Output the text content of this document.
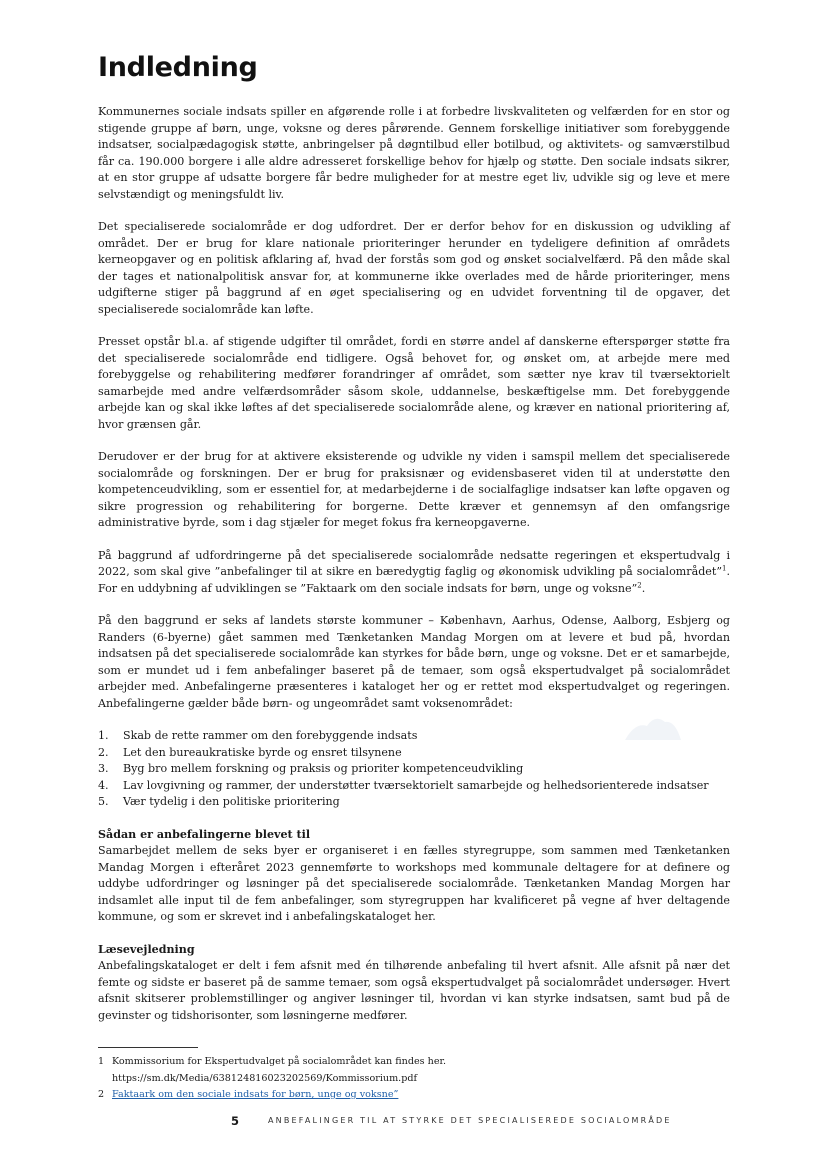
Indledning

Kommunernes sociale indsats spiller en afgørende rolle i at forbedre livskvaliteten og velfærden for en stor og stigende gruppe af børn, unge, voksne og deres pårørende. Gennem forskellige initiativer som forebyggende indsatser, socialpædagogisk støtte, anbringelser på døgntilbud eller botilbud, og aktivitets- og samværstilbud får ca. 190.000 borgere i alle aldre adresseret forskellige behov for hjælp og støtte. Den sociale indsats sikrer, at en stor gruppe af udsatte borgere får bedre muligheder for at mestre eget liv, udvikle sig og leve et mere selvstændigt og meningsfuldt liv.

Det specialiserede socialområde er dog udfordret. Der er derfor behov for en diskussion og udvikling af området. Der er brug for klare nationale prioriteringer herunder en tydeligere definition af områdets kerneopgaver og en politisk afklaring af, hvad der forstås som god og ønsket socialvelfærd. På den måde skal der tages et nationalpolitisk ansvar for, at kommunerne ikke overlades med de hårde prioriteringer, mens udgifterne stiger på baggrund af en øget specialisering og en udvidet forventning til de opgaver, det specialiserede socialområde kan løfte.

Presset opstår bl.a. af stigende udgifter til området, fordi en større andel af danskerne efterspørger støtte fra det specialiserede socialområde end tidligere. Også behovet for, og ønsket om, at arbejde mere med forebyggelse og rehabilitering medfører forandringer af området, som sætter nye krav til tværsektorielt samarbejde med andre velfærdsområder såsom skole, uddannelse, beskæftigelse mm. Det forebyggende arbejde kan og skal ikke løftes af det specialiserede socialområde alene, og kræver en national prioritering af, hvor grænsen går.

Derudover er der brug for at aktivere eksisterende og udvikle ny viden i samspil mellem det specialiserede socialområde og forskningen. Der er brug for praksisnær og evidensbaseret viden til at understøtte den kompetenceudvikling, som er essentiel for, at medarbejderne i de socialfaglige indsatser kan løfte opgaven og sikre progression og rehabilitering for borgerne. Dette kræver et gennemsyn af den omfangsrige administrative byrde, som i dag stjæler for meget fokus fra kerneopgaverne.

På baggrund af udfordringerne på det specialiserede socialområde nedsatte regeringen et ekspertudvalg i 2022, som skal give ”anbefalinger til at sikre en bæredygtig faglig og økonomisk udvikling på socialområdet”$^1$. For en uddybning af udviklingen se ”Faktaark om den sociale indsats for børn, unge og voksne”$^2$.

På den baggrund er seks af landets største kommuner – København, Aarhus, Odense, Aalborg, Esbjerg og Randers (6-byerne) gået sammen med Tænketanken Mandag Morgen om at levere et bud på, hvordan indsatsen på det specialiserede socialområde kan styrkes for både børn, unge og voksne. Det er et samarbejde, som er mundet ud i fem anbefalinger baseret på de temaer, som også ekspertudvalget på socialområdet arbejder med. Anbefalingerne præsenteres i kataloget her og er rettet mod ekspertudvalget og regeringen. Anbefalingerne gælder både børn- og ungeområdet samt voksenområdet:

1.	Skab de rette rammer om den forebyggende indsats
2.	Let den bureaukratiske byrde og ensret tilsynene
3.	Byg bro mellem forskning og praksis og prioriter kompetenceudvikling
4.	Lav lovgivning og rammer, der understøtter tværsektorielt samarbejde og helhedsorienterede indsatser
5.	Vær tydelig i den politiske prioritering

Sådan er anbefalingerne blevet til

Samarbejdet mellem de seks byer er organiseret i en fælles styregruppe, som sammen med Tænketanken Mandag Morgen i efteråret 2023 gennemførte to workshops med kommunale deltagere for at definere og uddybe udfordringer og løsninger på det specialiserede socialområde. Tænketanken Mandag Morgen har indsamlet alle input til de fem anbefalinger, som styregruppen har kvalificeret på vegne af hver deltagende kommune, og som er skrevet ind i anbefalingskataloget her.

Læsevejledning

Anbefalingskataloget er delt i fem afsnit med én tilhørende anbefaling til hvert afsnit. Alle afsnit på nær det femte og sidste er baseret på de samme temaer, som også ekspertudvalget på socialområdet undersøger. Hvert afsnit skitserer problemstillinger og angiver løsninger til, hvordan vi kan styrke indsatsen, samt bud på de gevinster og tidshorisonter, som løsningerne medfører.

1 Kommissorium for Ekspertudvalget på socialområdet kan findes her.
https://sm.dk/Media/638124816023202569/Kommissorium.pdf
2 Faktaark om den sociale indsats for børn, unge og voksne”
5	ANBEFALINGER TIL AT STYRKE DET SPECIALISEREDE SOCIALOMRÅDE
